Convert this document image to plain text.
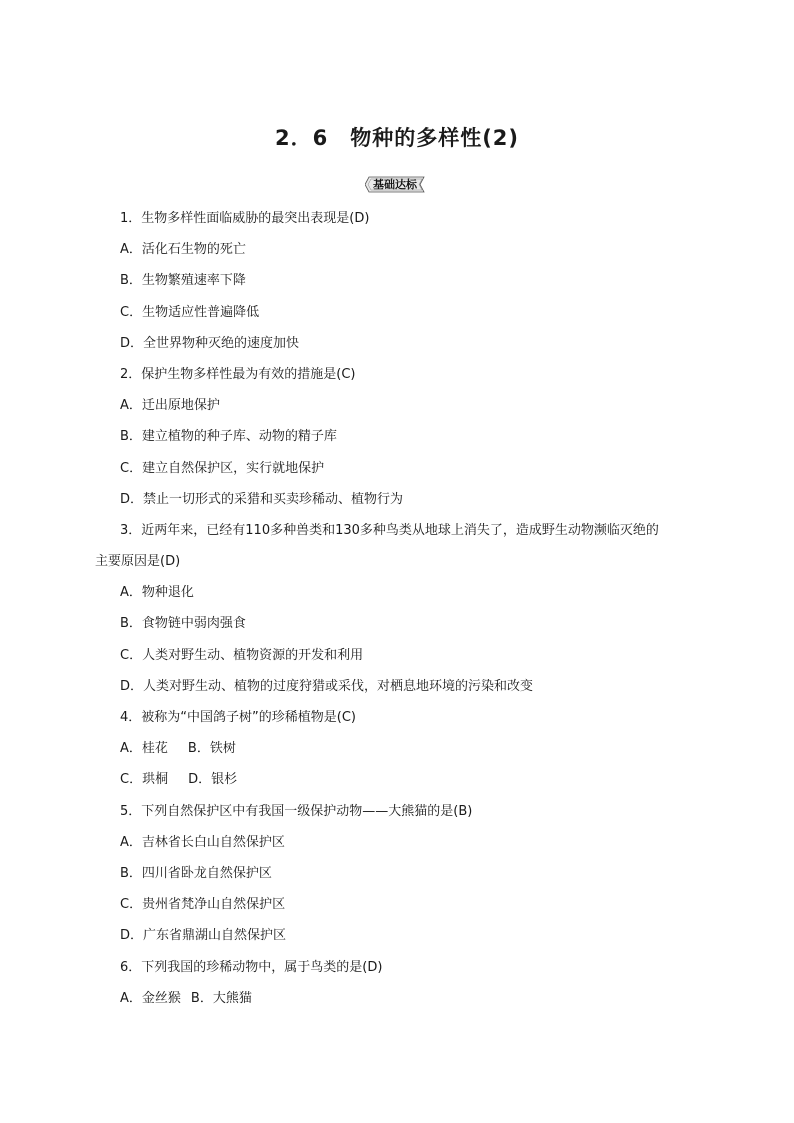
2．6　物种的多样性(2)
基础达标
1．生物多样性面临威胁的最突出表现是(D)
A．活化石生物的死亡
B．生物繁殖速率下降
C．生物适应性普遍降低
D．全世界物种灭绝的速度加快
2．保护生物多样性最为有效的措施是(C)
A．迁出原地保护
B．建立植物的种子库、动物的精子库
C．建立自然保护区，实行就地保护
D．禁止一切形式的采猎和买卖珍稀动、植物行为
3．近两年来，已经有110多种兽类和130多种鸟类从地球上消失了，造成野生动物濒临灭绝的
主要原因是(D)
A．物种退化
B．食物链中弱肉强食
C．人类对野生动、植物资源的开发和利用
D．人类对野生动、植物的过度狩猎或采伐，对栖息地环境的污染和改变
4．被称为“中国鸽子树”的珍稀植物是(C)
A．桂花 B．铁树
C．珙桐 D．银杉
5．下列自然保护区中有我国一级保护动物——大熊猫的是(B)
A．吉林省长白山自然保护区
B．四川省卧龙自然保护区
C．贵州省梵净山自然保护区
D．广东省鼎湖山自然保护区
6．下列我国的珍稀动物中，属于鸟类的是(D)
A．金丝猴 B．大熊猫
